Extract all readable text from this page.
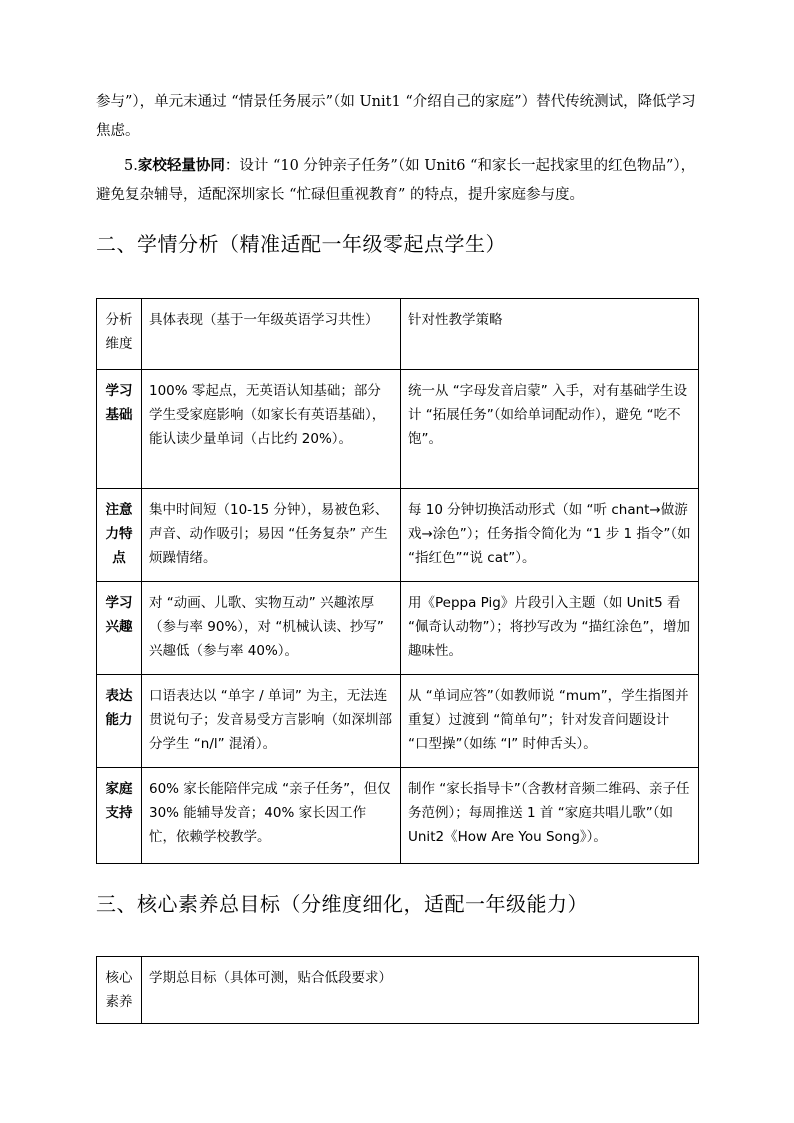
参与”），单元末通过 “情景任务展示”（如 Unit1 “介绍自己的家庭”）替代传统测试，降低学习焦虑。
5.家校轻量协同：设计 “10 分钟亲子任务”（如 Unit6 “和家长一起找家里的红色物品”），避免复杂辅导，适配深圳家长 “忙碌但重视教育” 的特点，提升家庭参与度。
二、学情分析（精准适配一年级零起点学生）
分析维度	具体表现（基于一年级英语学习共性）	针对性教学策略
学习基础	100% 零起点，无英语认知基础；部分学生受家庭影响（如家长有英语基础），能认读少量单词（占比约 20%）。	统一从 “字母发音启蒙” 入手，对有基础学生设计 “拓展任务”（如给单词配动作），避免 “吃不饱”。
注意力特点	集中时间短（10-15 分钟），易被色彩、声音、动作吸引；易因 “任务复杂” 产生烦躁情绪。	每 10 分钟切换活动形式（如 “听 chant→做游戏→涂色”）；任务指令简化为 “1 步 1 指令”（如 “指红色”“说 cat”）。
学习兴趣	对 “动画、儿歌、实物互动” 兴趣浓厚（参与率 90%），对 “机械认读、抄写” 兴趣低（参与率 40%）。	用《Peppa Pig》片段引入主题（如 Unit5 看 “佩奇认动物”）；将抄写改为 “描红涂色”，增加趣味性。
表达能力	口语表达以 “单字 / 单词” 为主，无法连贯说句子；发音易受方言影响（如深圳部分学生 “n/l” 混淆）。	从 “单词应答”（如教师说 “mum”，学生指图并重复）过渡到 “简单句”；针对发音问题设计 “口型操”（如练 “l” 时伸舌头）。
家庭支持	60% 家长能陪伴完成 “亲子任务”，但仅 30% 能辅导发音；40% 家长因工作忙，依赖学校教学。	制作 “家长指导卡”（含教材音频二维码、亲子任务范例）；每周推送 1 首 “家庭共唱儿歌”（如 Unit2《How Are You Song》）。
三、核心素养总目标（分维度细化，适配一年级能力）
核心素养	学期总目标（具体可测，贴合低段要求）
